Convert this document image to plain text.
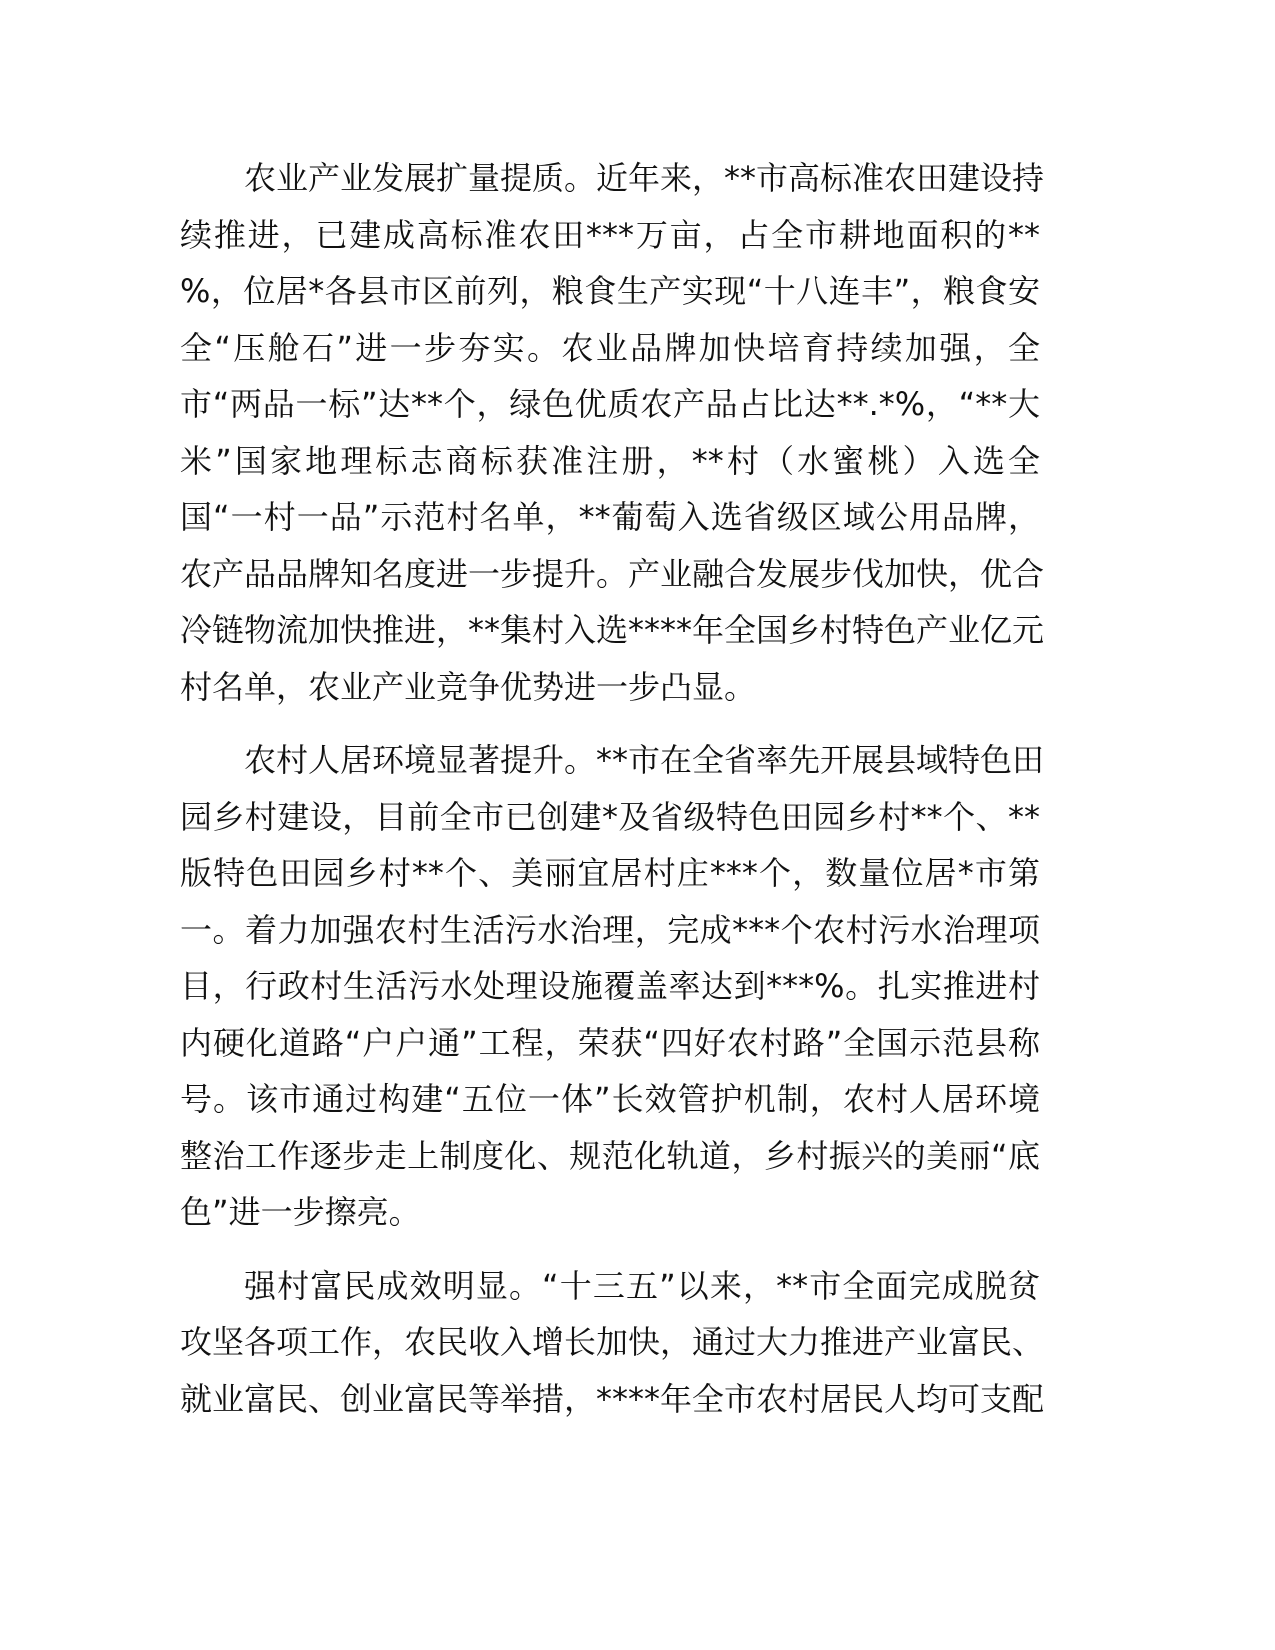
农业产业发展扩量提质。近年来，**市高标准农田建设持
续推进，已建成高标准农田***万亩，占全市耕地面积的**
%，位居*各县市区前列，粮食生产实现“十八连丰”，粮食安
全“压舱石”进一步夯实。农业品牌加快培育持续加强，全
市“两品一标”达**个，绿色优质农产品占比达**.*%，“**大
米”国家地理标志商标获准注册，**村（水蜜桃）入选全
国“一村一品”示范村名单，**葡萄入选省级区域公用品牌，
农产品品牌知名度进一步提升。产业融合发展步伐加快，优合
冷链物流加快推进，**集村入选****年全国乡村特色产业亿元
村名单，农业产业竞争优势进一步凸显。
农村人居环境显著提升。**市在全省率先开展县域特色田
园乡村建设，目前全市已创建*及省级特色田园乡村**个、**
版特色田园乡村**个、美丽宜居村庄***个，数量位居*市第
一。着力加强农村生活污水治理，完成***个农村污水治理项
目，行政村生活污水处理设施覆盖率达到***%。扎实推进村
内硬化道路“户户通”工程，荣获“四好农村路”全国示范县称
号。该市通过构建“五位一体”长效管护机制，农村人居环境
整治工作逐步走上制度化、规范化轨道，乡村振兴的美丽“底
色”进一步擦亮。
强村富民成效明显。“十三五”以来，**市全面完成脱贫
攻坚各项工作，农民收入增长加快，通过大力推进产业富民、
就业富民、创业富民等举措，****年全市农村居民人均可支配
